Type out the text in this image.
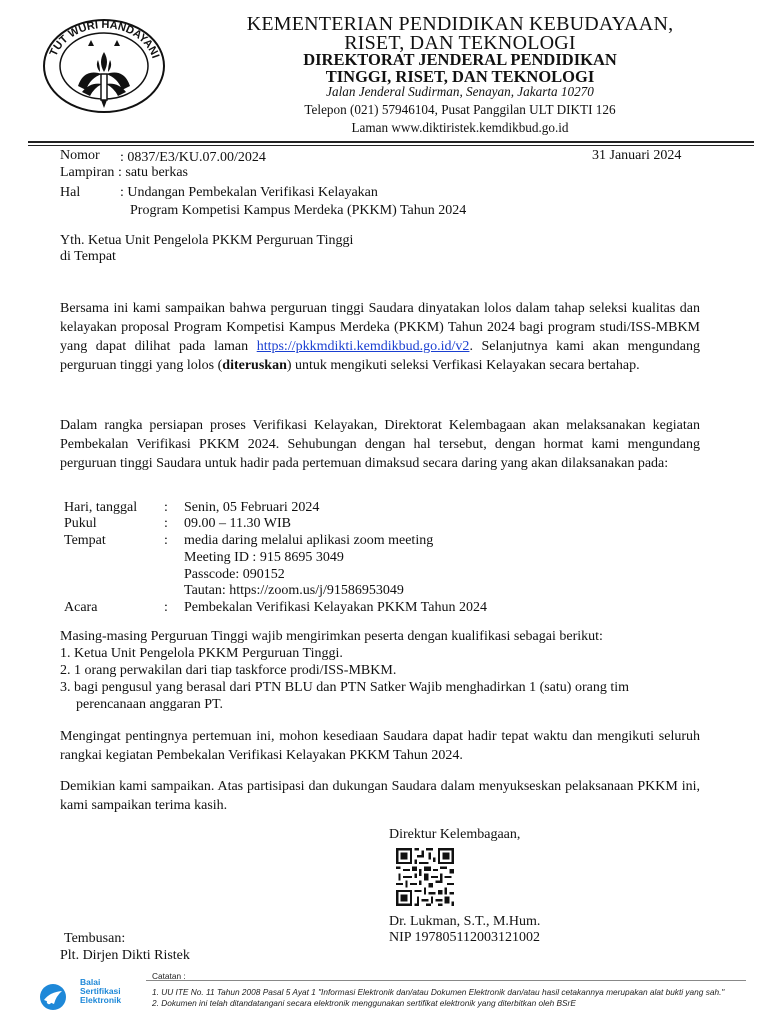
TUT WURI HANDAYANI
KEMENTERIAN PENDIDIKAN KEBUDAYAAN,
RISET, DAN TEKNOLOGI
DIREKTORAT JENDERAL PENDIDIKAN
TINGGI, RISET, DAN TEKNOLOGI
Jalan Jenderal Sudirman, Senayan, Jakarta 10270
Telepon (021) 57946104, Pusat Panggilan ULT DIKTI 126
Laman www.diktiristek.kemdikbud.go.id
Nomor : 0837/E3/KU.07.00/2024	31 Januari 2024
Lampiran : satu berkas
Hal	: Undangan Pembekalan Verifikasi Kelayakan
Program Kompetisi Kampus Merdeka (PKKM) Tahun 2024
Yth. Ketua Unit Pengelola PKKM Perguruan Tinggi
di Tempat
Bersama ini kami sampaikan bahwa perguruan tinggi Saudara dinyatakan lolos dalam tahap seleksi kualitas dan kelayakan proposal Program Kompetisi Kampus Merdeka (PKKM) Tahun 2024 bagi program studi/ISS-MBKM yang dapat dilihat pada laman https://pkkmdikti.kemdikbud.go.id/v2. Selanjutnya kami akan mengundang perguruan tinggi yang lolos (diteruskan) untuk mengikuti seleksi Verfikasi Kelayakan secara bertahap.
Dalam rangka persiapan proses Verifikasi Kelayakan, Direktorat Kelembagaan akan melaksanakan kegiatan Pembekalan Verifikasi PKKM 2024. Sehubungan dengan hal tersebut, dengan hormat kami mengundang perguruan tinggi Saudara untuk hadir pada pertemuan dimaksud secara daring yang akan dilaksanakan pada:
Hari, tanggal : Senin, 05 Februari 2024
Pukul	: 09.00 – 11.30 WIB
Tempat	: media daring melalui aplikasi zoom meeting
Meeting ID : 915 8695 3049
Passcode: 090152
Tautan: https://zoom.us/j/91586953049
Acara	: Pembekalan Verifikasi Kelayakan PKKM Tahun 2024
Masing-masing Perguruan Tinggi wajib mengirimkan peserta dengan kualifikasi sebagai berikut:
1. Ketua Unit Pengelola PKKM Perguruan Tinggi.
2. 1 orang perwakilan dari tiap taskforce prodi/ISS-MBKM.
3. bagi pengusul yang berasal dari PTN BLU dan PTN Satker Wajib menghadirkan 1 (satu) orang tim
perencanaan anggaran PT.
Mengingat pentingnya pertemuan ini, mohon kesediaan Saudara dapat hadir tepat waktu dan mengikuti seluruh rangkai kegiatan Pembekalan Verifikasi Kelayakan PKKM Tahun 2024.
Demikian kami sampaikan. Atas partisipasi dan dukungan Saudara dalam menyukseskan pelaksanaan PKKM ini, kami sampaikan terima kasih.
Direktur Kelembagaan,
Dr. Lukman, S.T., M.Hum.
NIP 197805112003121002
Tembusan:
Plt. Dirjen Dikti Ristek
Balai
Sertifikasi
Elektronik
Catatan :
1. UU ITE No. 11 Tahun 2008 Pasal 5 Ayat 1 "Informasi Elektronik dan/atau Dokumen Elektronik dan/atau hasil cetakannya merupakan alat bukti yang sah."
2. Dokumen ini telah ditandatangani secara elektronik menggunakan sertifikat elektronik yang diterbitkan oleh BSrE
